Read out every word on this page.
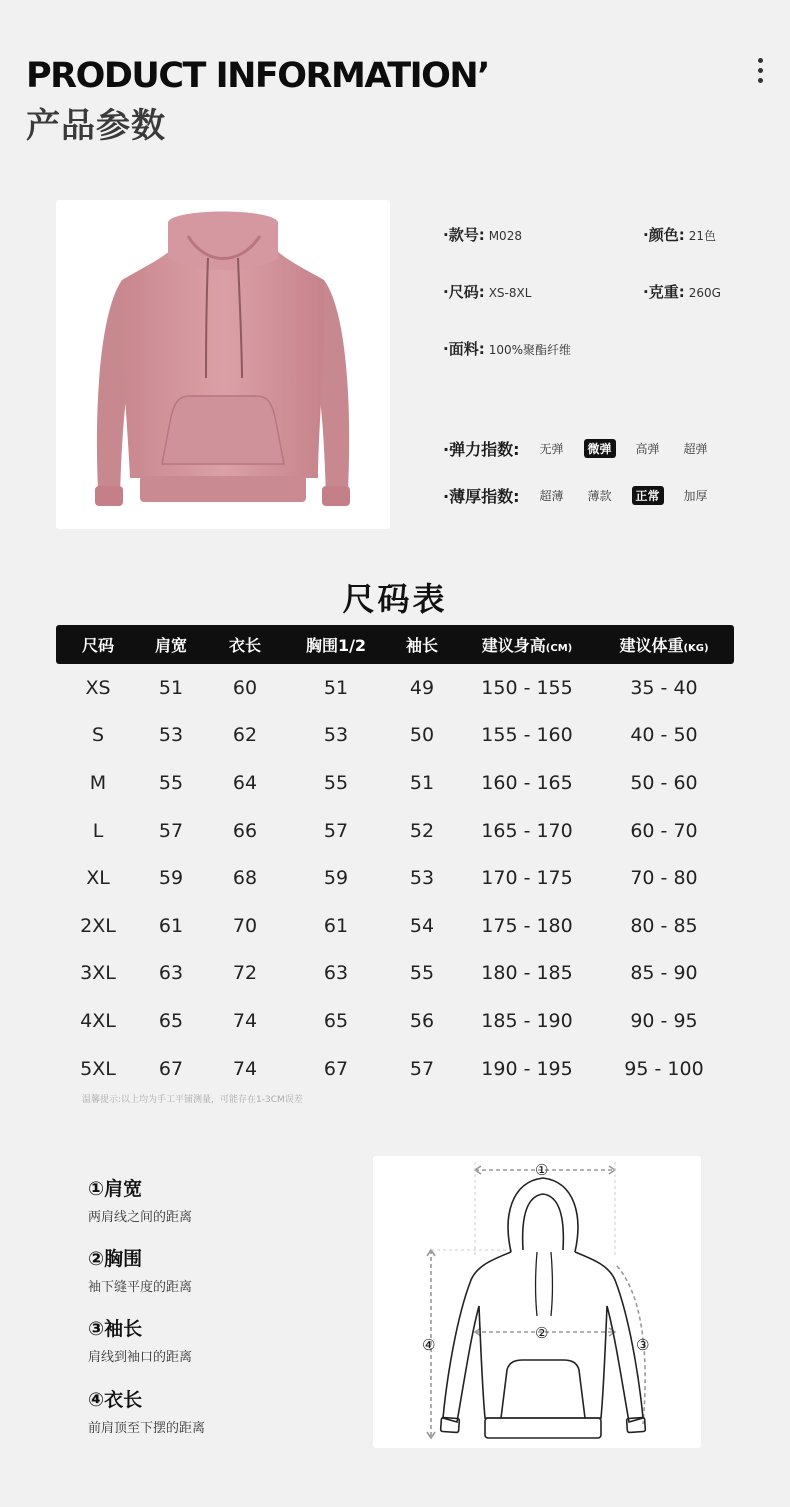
PRODUCT INFORMATION’
产品参数
·款号: M028	·颜色: 21色
·尺码: XS-8XL	·克重: 260G
·面料: 100%聚酯纤维
·弹力指数:	无弹	微弹	高弹	超弹
·薄厚指数:	超薄	薄款	正常	加厚
尺码表
尺码	肩宽	衣长	胸围1/2	袖长	建议身高(CM)	建议体重(KG)
XS	51	60	51	49	150 - 155	35 - 40
S	53	62	53	50	155 - 160	40 - 50
M	55	64	55	51	160 - 165	50 - 60
L	57	66	57	52	165 - 170	60 - 70
XL	59	68	59	53	170 - 175	70 - 80
2XL	61	70	61	54	175 - 180	80 - 85
3XL	63	72	63	55	180 - 185	85 - 90
4XL	65	74	65	56	185 - 190	90 - 95
5XL	67	74	67	57	190 - 195	95 - 100
温馨提示:以上均为手工平铺测量，可能存在1-3CM误差
①肩宽
两肩线之间的距离
②胸围
袖下缝平度的距离
③袖长
肩线到袖口的距离
④衣长
前肩顶至下摆的距离
①
②
③
④
